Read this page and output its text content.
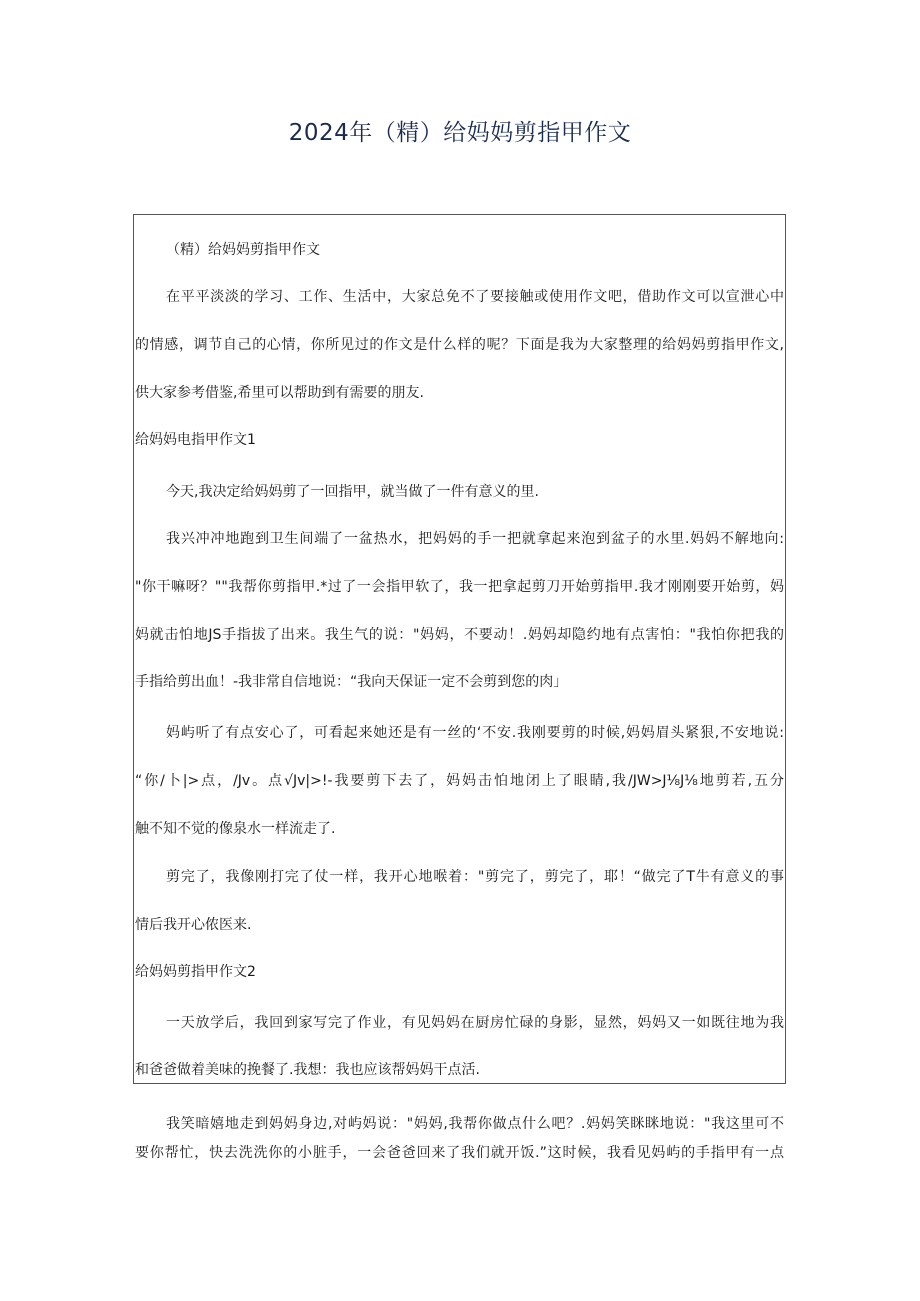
2024年（精）给妈妈剪指甲作文

（精）给妈妈剪指甲作文

在平平淡淡的学习、工作、生活中，大家总免不了要接触或使用作文吧，借助作文可以宣泄心中

的情感，调节自己的心情，你所见过的作文是什么样的呢？下面是我为大家整理的给妈妈剪指甲作文,

供大家参考借鉴,希里可以帮助到有需要的朋友.

给妈妈电指甲作文1

今天,我决定给妈妈剪了一回指甲，就当做了一件有意义的里.

我兴冲冲地跑到卫生间端了一盆热水，把妈妈的手一把就拿起来泡到盆子的水里.妈妈不解地向:

"你干嘛呀？""我帮你剪指甲.*过了一会指甲软了，我一把拿起剪刀开始剪指甲.我才刚刚要开始剪，妈

妈就击怕地JS手指拔了出来。我生气的说："妈妈，不要动！.妈妈却隐约地有点害怕："我怕你把我的

手指给剪出血！-我非常自信地说：“我向天保证一定不会剪到您的肉」

妈屿听了有点安心了，可看起来她还是有一丝的‘不安.我刚要剪的时候,妈妈眉头紧狠,不安地说:

“你/卜|>点，/Jv。点√Jv|>!-我要剪下去了，妈妈击怕地闭上了眼睛,我/JW>J⅛J⅛地剪若,五分

触不知不觉的像泉水一样流走了.

剪完了，我像刚打完了仗一样，我开心地喉着："剪完了，剪完了，耶！“做完了T牛有意义的事

情后我开心侬医来.

给妈妈剪指甲作文2

一天放学后，我回到家写完了作业，有见妈妈在厨房忙碌的身影，显然，妈妈又一如既往地为我

和爸爸做着美味的挽餐了.我想：我也应该帮妈妈干点活.

我笑暗嬉地走到妈妈身边,对屿妈说："妈妈,我帮你做点什么吧？.妈妈笑眯眯地说："我这里可不

要你帮忙，快去洗洗你的小脏手，一会爸爸回来了我们就开饭.”这时候，我看见妈屿的手指甲有一点
